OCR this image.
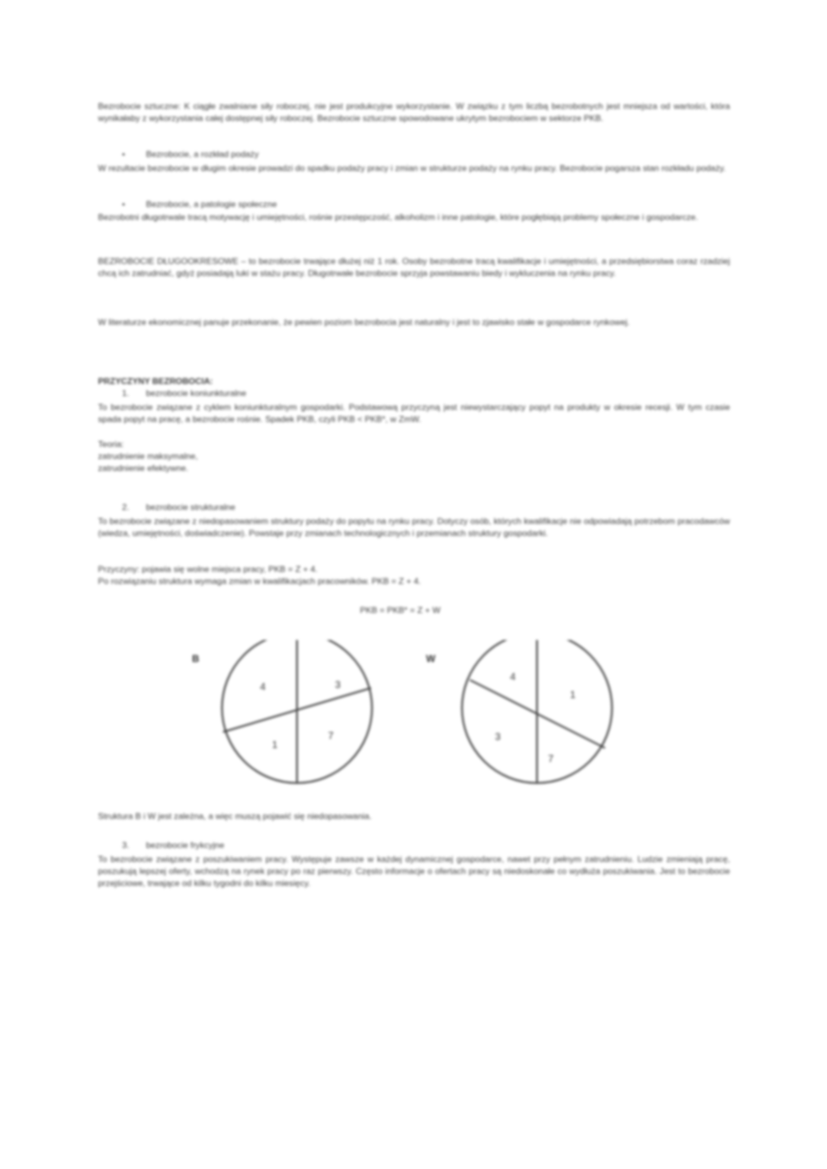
Bezrobocie sztuczne: K ciągłe zwalniane siły roboczej, nie jest produkcyjne wykorzystanie. W związku z tym liczbą bezrobotnych jest mniejsza od wartości, która wynikałaby z wykorzystania całej dostępnej siły roboczej. Bezrobocie sztuczne spowodowane ukrytym bezrobociem w sektorze PKB.
• Bezrobocie, a rozkład podaży
W rezultacie bezrobocie w długim okresie prowadzi do spadku podaży pracy i zmian w strukturze podaży na rynku pracy. Bezrobocie pogarsza stan rozkładu podaży.
• Bezrobocie, a patologie społeczne
Bezrobotni długotrwale tracą motywację i umiejętności, rośnie przestępczość, alkoholizm i inne patologie, które pogłębiają problemy społeczne i gospodarcze.
BEZROBOCIE DŁUGOOKRESOWE – to bezrobocie trwające dłużej niż 1 rok. Osoby bezrobotne tracą kwalifikacje i umiejętności, a przedsiębiorstwa coraz rzadziej chcą ich zatrudniać, gdyż posiadają luki w stażu pracy. Długotrwałe bezrobocie sprzyja powstawaniu biedy i wykluczenia na rynku pracy.
W literaturze ekonomicznej panuje przekonanie, że pewien poziom bezrobocia jest naturalny i jest to zjawisko stałe w gospodarce rynkowej.
PRZYCZYNY BEZROBOCIA:
1. bezrobocie koniunkturalne
To bezrobocie związane z cyklem koniunkturalnym gospodarki. Podstawową przyczyną jest niewystarczający popyt na produkty w okresie recesji. W tym czasie spada popyt na pracę, a bezrobocie rośnie. Spadek PKB, czyli PKB < PKB*, w ZmW.
Teoria:
zatrudnienie maksymalne,
zatrudnienie efektywne.
2. bezrobocie strukturalne
To bezrobocie związane z niedopasowaniem struktury podaży do popytu na rynku pracy. Dotyczy osób, których kwalifikacje nie odpowiadają potrzebom pracodawców (wiedza, umiejętności, doświadczenie). Powstaje przy zmianach technologicznych i przemianach struktury gospodarki.
Przyczyny: pojawia się wolne miejsca pracy, PKB = Z + 4.
Po rozwiązaniu struktura wymaga zmian w kwalifikacjach pracowników. PKB = Z + 4.
PKB = PKB* = Z + W
B
4	3
1
7
W
4
1
3
7
Struktura B i W jest zależna, a więc muszą pojawić się niedopasowania.
3. bezrobocie frykcyjne
To bezrobocie związane z poszukiwaniem pracy. Występuje zawsze w każdej dynamicznej gospodarce, nawet przy pełnym zatrudnieniu. Ludzie zmieniają pracę, poszukują lepszej oferty, wchodzą na rynek pracy po raz pierwszy. Często informacje o ofertach pracy są niedoskonałe co wydłuża poszukiwania. Jest to bezrobocie przejściowe, trwające od kilku tygodni do kilku miesięcy.
